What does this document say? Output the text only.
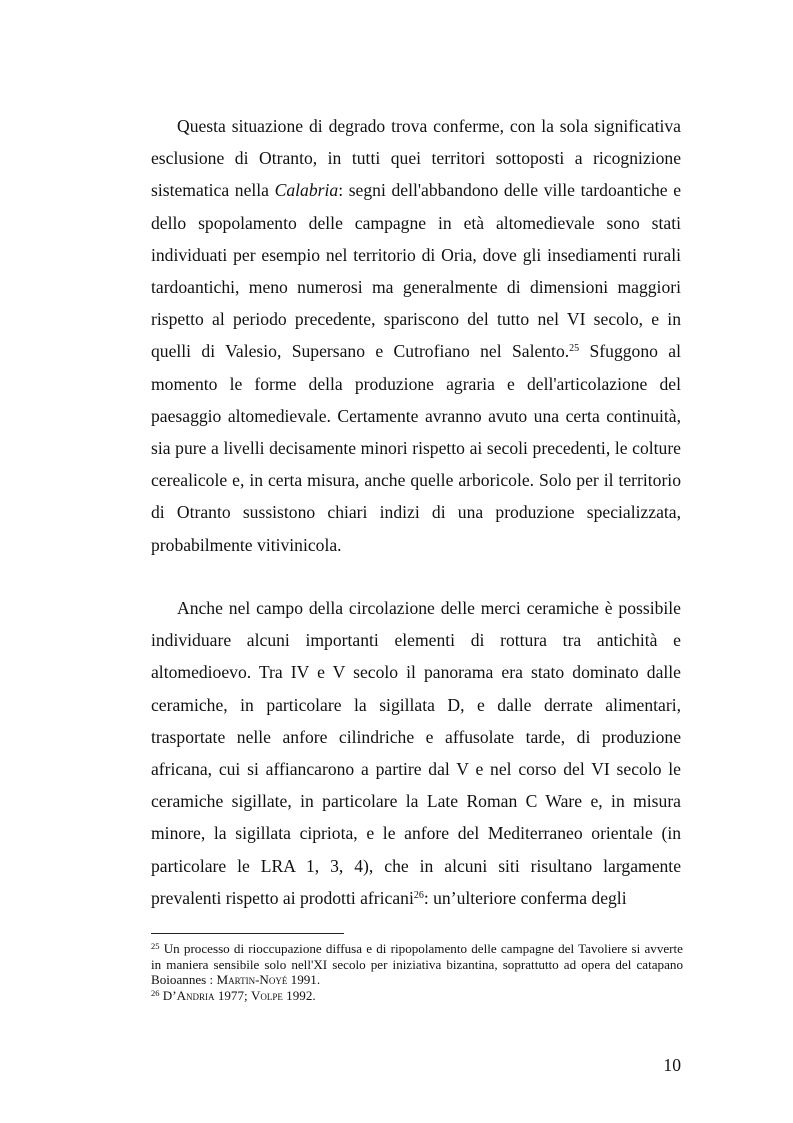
Questa situazione di degrado trova conferme, con la sola significativa esclusione di Otranto, in tutti quei territori sottoposti a ricognizione sistematica nella Calabria: segni dell'abbandono delle ville tardoantiche e dello spopolamento delle campagne in età altomedievale sono stati individuati per esempio nel territorio di Oria, dove gli insediamenti rurali tardoantichi, meno numerosi ma generalmente di dimensioni maggiori rispetto al periodo precedente, spariscono del tutto nel VI secolo, e in quelli di Valesio, Supersano e Cutrofiano nel Salento.$^{25}$ Sfuggono al momento le forme della produzione agraria e dell'articolazione del paesaggio altomedievale. Certamente avranno avuto una certa continuità, sia pure a livelli decisamente minori rispetto ai secoli precedenti, le colture cerealicole e, in certa misura, anche quelle arboricole. Solo per il territorio di Otranto sussistono chiari indizi di una produzione specializzata, probabilmente vitivinicola.

Anche nel campo della circolazione delle merci ceramiche è possibile individuare alcuni importanti elementi di rottura tra antichità e altomedioevo. Tra IV e V secolo il panorama era stato dominato dalle ceramiche, in particolare la sigillata D, e dalle derrate alimentari, trasportate nelle anfore cilindriche e affusolate tarde, di produzione africana, cui si affiancarono a partire dal V e nel corso del VI secolo le ceramiche sigillate, in particolare la Late Roman C Ware e, in misura minore, la sigillata cipriota, e le anfore del Mediterraneo orientale (in particolare le LRA 1, 3, 4), che in alcuni siti risultano largamente prevalenti rispetto ai prodotti africani$^{26}$: un’ulteriore conferma degli

$^{25}$ Un processo di rioccupazione diffusa e di ripopolamento delle campagne del Tavoliere si avverte in maniera sensibile solo nell'XI secolo per iniziativa bizantina, soprattutto ad opera del catapano Boioannes : Martin-Noyé 1991.

$^{26}$ D’Andria 1977; Volpe 1992.

10
